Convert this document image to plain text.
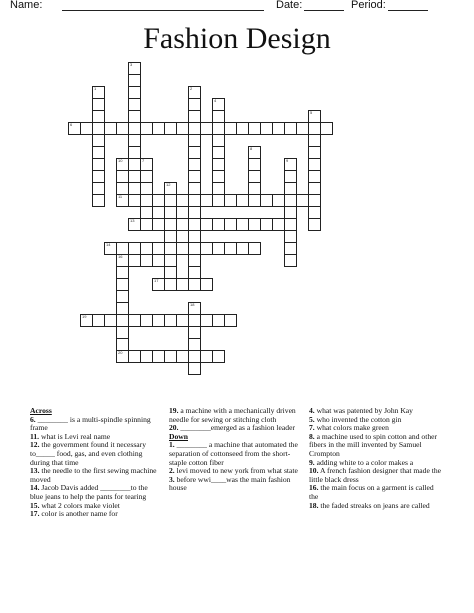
Name:	Date:	Period:
Fashion Design
1	2
3
4
5
6
7
8
9
10
11
12
13
14
16
20
17
18
19
Across
6. ________ is a multi-spindle spinning frame
11. what is Levi real name
12. the government found it necessary to_____ food, gas, and even clothing during that time
13. the needle to the first sewing machine moved
14. Jacob Davis added ________to the blue jeans to help the pants for tearing
15. what 2 colors make violet
17. color is another name for
19. a machine with a mechanically driven needle for sewing or stitching cloth
20. ________emerged as a fashion leader
Down
1. ________ a machine that automated the separation of cottonseed from the short-staple cotton fiber
2. levi moved to new york from what state
3. before wwi____was the main fashion house
4. what was patented by John Kay
5. who invented the cotton gin
7. what colors make green
8. a machine used to spin cotton and other fibers in the mill invented by Samuel Crompton
9. adding white to a color makes a
10. A french fashion designer that made the little black dress
16. the main focus on a garment is called the
18. the faded streaks on jeans are called
